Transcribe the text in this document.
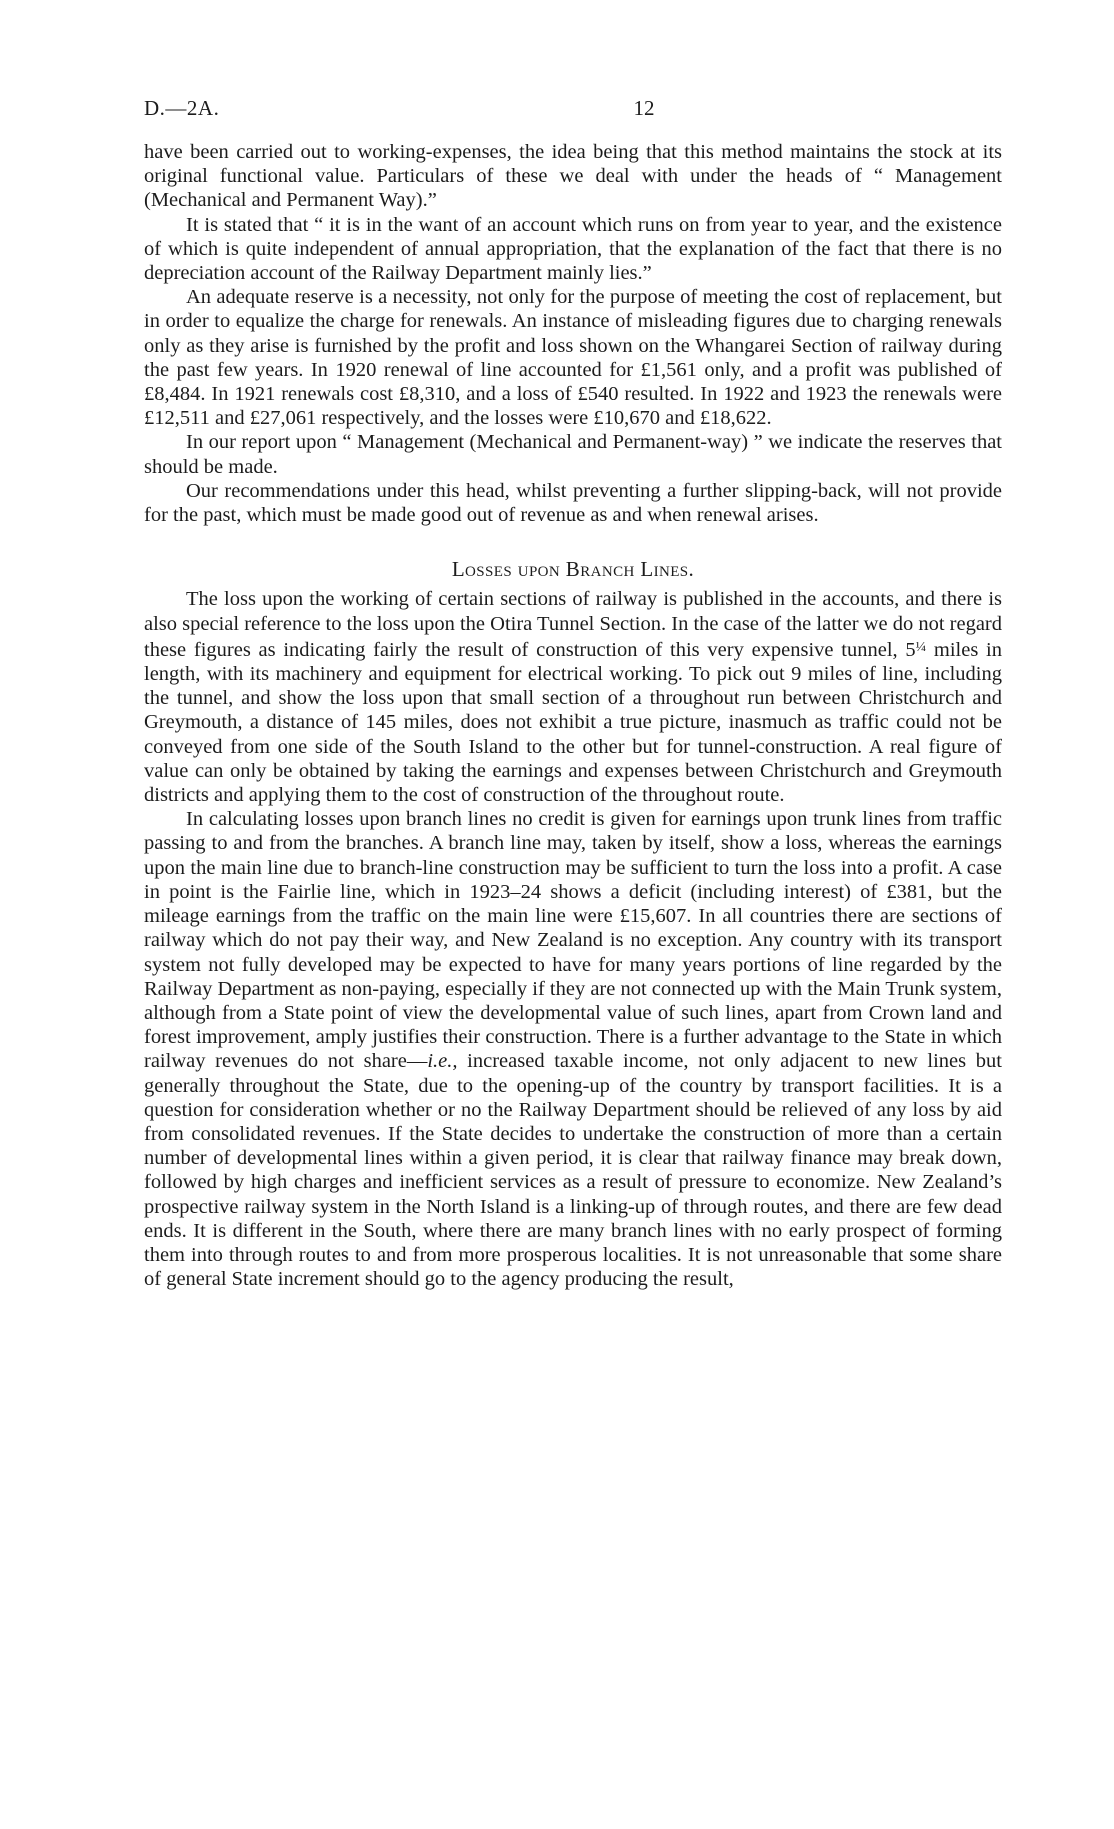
D.—2A.	12

have been carried out to working-expenses, the idea being that this method maintains the stock at its original functional value. Particulars of these we deal with under the heads of “ Management (Mechanical and Permanent Way).”

It is stated that “ it is in the want of an account which runs on from year to year, and the existence of which is quite independent of annual appropriation, that the explanation of the fact that there is no depreciation account of the Railway Department mainly lies.”

An adequate reserve is a necessity, not only for the purpose of meeting the cost of replacement, but in order to equalize the charge for renewals. An instance of misleading figures due to charging renewals only as they arise is furnished by the profit and loss shown on the Whangarei Section of railway during the past few years. In 1920 renewal of line accounted for £1,561 only, and a profit was published of £8,484. In 1921 renewals cost £8,310, and a loss of £540 resulted. In 1922 and 1923 the renewals were £12,511 and £27,061 respectively, and the losses were £10,670 and £18,622.

In our report upon “ Management (Mechanical and Permanent-way) ” we indicate the reserves that should be made.

Our recommendations under this head, whilst preventing a further slipping-back, will not provide for the past, which must be made good out of revenue as and when renewal arises.

Losses upon Branch Lines.

The loss upon the working of certain sections of railway is published in the accounts, and there is also special reference to the loss upon the Otira Tunnel Section. In the case of the latter we do not regard these figures as indicating fairly the result of construction of this very expensive tunnel, $5^{\frac{1}{4}}$ miles in length, with its machinery and equipment for electrical working. To pick out 9 miles of line, including the tunnel, and show the loss upon that small section of a throughout run between Christchurch and Greymouth, a distance of 145 miles, does not exhibit a true picture, inasmuch as traffic could not be conveyed from one side of the South Island to the other but for tunnel-construction. A real figure of value can only be obtained by taking the earnings and expenses between Christchurch and Greymouth districts and applying them to the cost of construction of the throughout route.

In calculating losses upon branch lines no credit is given for earnings upon trunk lines from traffic passing to and from the branches. A branch line may, taken by itself, show a loss, whereas the earnings upon the main line due to branch-line construction may be sufficient to turn the loss into a profit. A case in point is the Fairlie line, which in 1923–24 shows a deficit (including interest) of £381, but the mileage earnings from the traffic on the main line were £15,607. In all countries there are sections of railway which do not pay their way, and New Zealand is no exception. Any country with its transport system not fully developed may be expected to have for many years portions of line regarded by the Railway Department as non-paying, especially if they are not connected up with the Main Trunk system, although from a State point of view the developmental value of such lines, apart from Crown land and forest improvement, amply justifies their construction. There is a further advantage to the State in which railway revenues do not share—i.e., increased taxable income, not only adjacent to new lines but generally throughout the State, due to the opening-up of the country by transport facilities. It is a question for consideration whether or no the Railway Department should be relieved of any loss by aid from consolidated revenues. If the State decides to undertake the construction of more than a certain number of developmental lines within a given period, it is clear that railway finance may break down, followed by high charges and inefficient services as a result of pressure to economize. New Zealand’s prospective railway system in the North Island is a linking-up of through routes, and there are few dead ends. It is different in the South, where there are many branch lines with no early prospect of forming them into through routes to and from more prosperous localities. It is not unreasonable that some share of general State increment should go to the agency producing the result,
